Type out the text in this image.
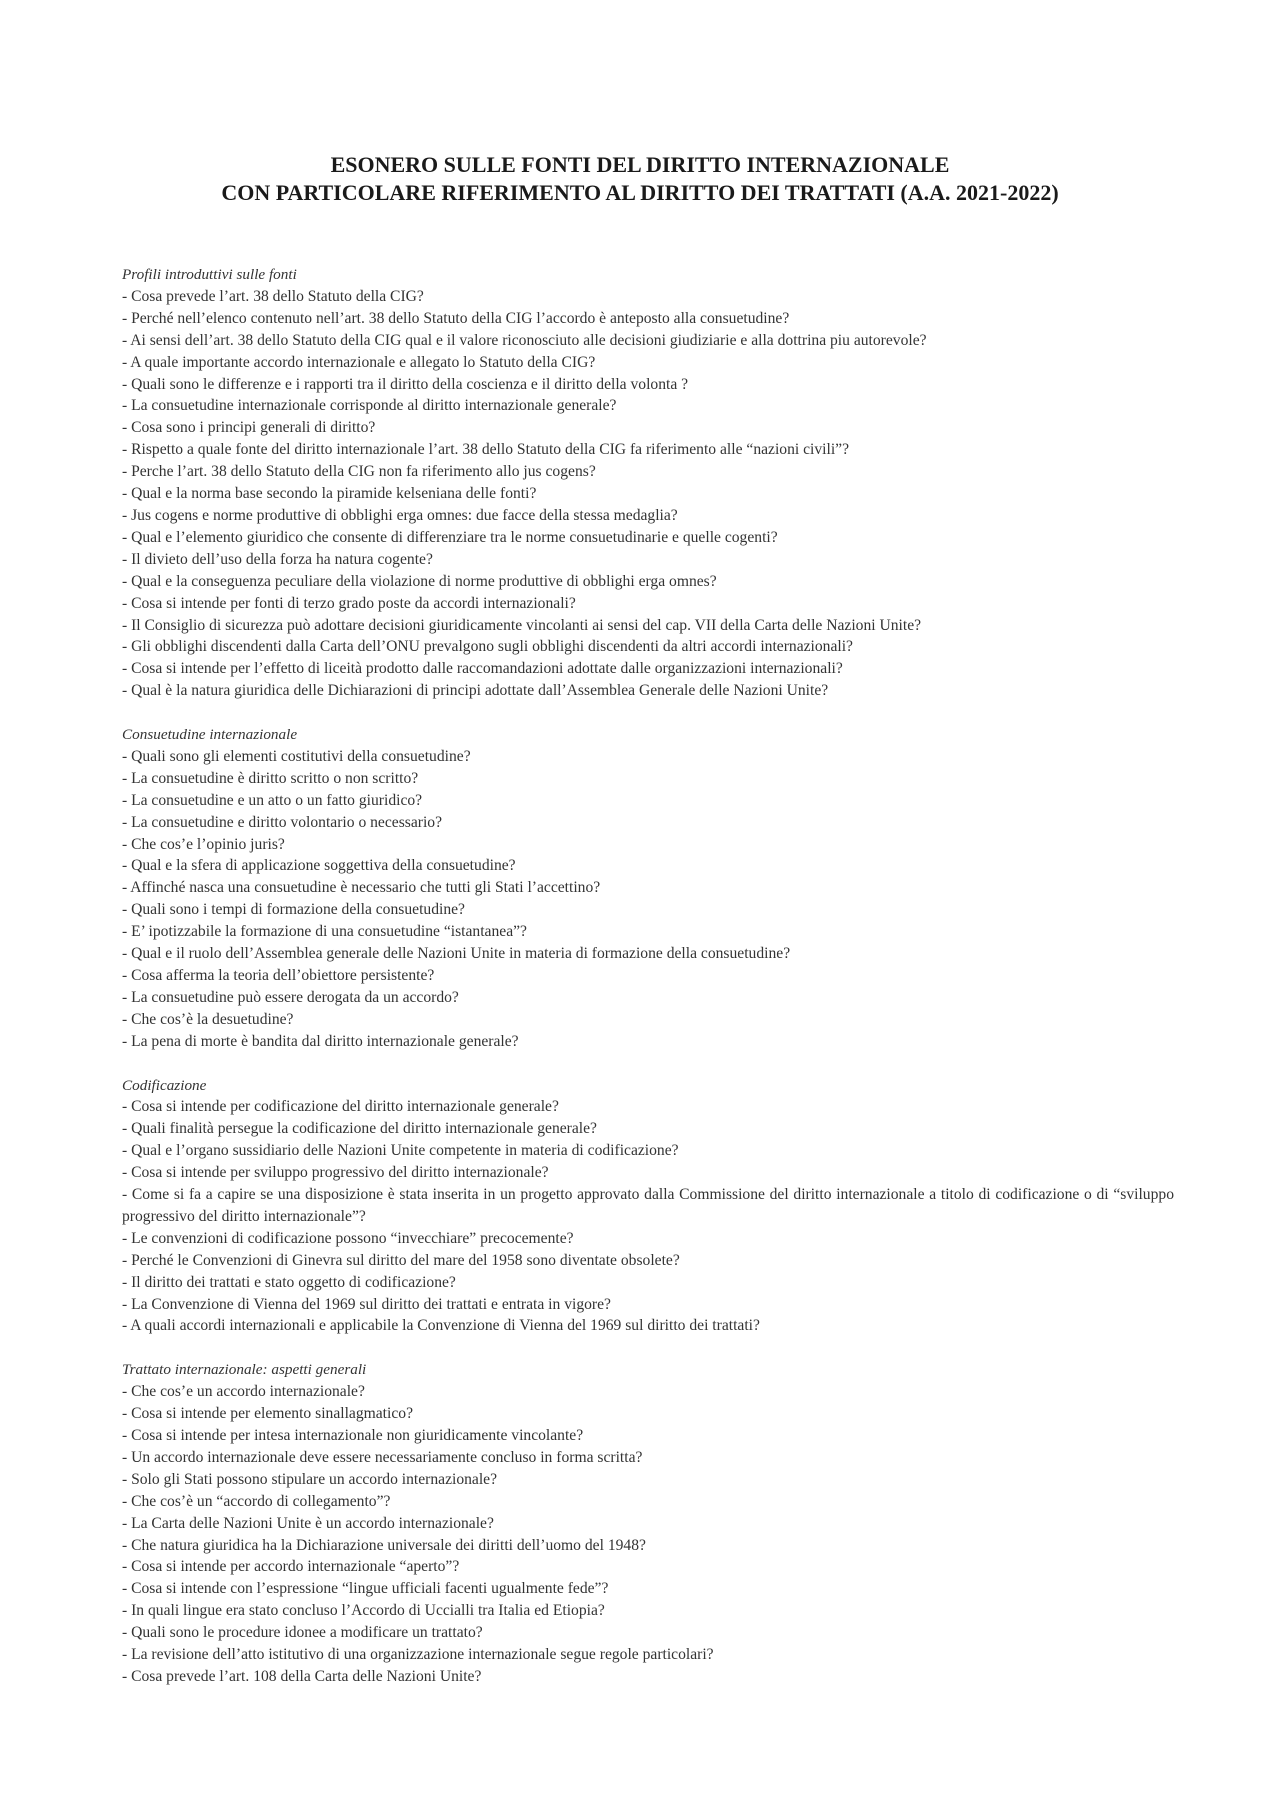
ESONERO SULLE FONTI DEL DIRITTO INTERNAZIONALE
CON PARTICOLARE RIFERIMENTO AL DIRITTO DEI TRATTATI (A.A. 2021-2022)
Profili introduttivi sulle fonti
- Cosa prevede l’art. 38 dello Statuto della CIG?
- Perché nell’elenco contenuto nell’art. 38 dello Statuto della CIG l’accordo è anteposto alla consuetudine?
- Ai sensi dell’art. 38 dello Statuto della CIG qual e il valore riconosciuto alle decisioni giudiziarie e alla dottrina piu autorevole?
- A quale importante accordo internazionale e allegato lo Statuto della CIG?
- Quali sono le differenze e i rapporti tra il diritto della coscienza e il diritto della volonta ?
- La consuetudine internazionale corrisponde al diritto internazionale generale?
- Cosa sono i principi generali di diritto?
- Rispetto a quale fonte del diritto internazionale l’art. 38 dello Statuto della CIG fa riferimento alle “nazioni civili”?
- Perche l’art. 38 dello Statuto della CIG non fa riferimento allo jus cogens?
- Qual e la norma base secondo la piramide kelseniana delle fonti?
- Jus cogens e norme produttive di obblighi erga omnes: due facce della stessa medaglia?
- Qual e l’elemento giuridico che consente di differenziare tra le norme consuetudinarie e quelle cogenti?
- Il divieto dell’uso della forza ha natura cogente?
- Qual e la conseguenza peculiare della violazione di norme produttive di obblighi erga omnes?
- Cosa si intende per fonti di terzo grado poste da accordi internazionali?
- Il Consiglio di sicurezza può adottare decisioni giuridicamente vincolanti ai sensi del cap. VII della Carta delle Nazioni Unite?
- Gli obblighi discendenti dalla Carta dell’ONU prevalgono sugli obblighi discendenti da altri accordi internazionali?
- Cosa si intende per l’effetto di liceità prodotto dalle raccomandazioni adottate dalle organizzazioni internazionali?
- Qual è la natura giuridica delle Dichiarazioni di principi adottate dall’Assemblea Generale delle Nazioni Unite?
Consuetudine internazionale
- Quali sono gli elementi costitutivi della consuetudine?
- La consuetudine è diritto scritto o non scritto?
- La consuetudine e un atto o un fatto giuridico?
- La consuetudine e diritto volontario o necessario?
- Che cos’e l’opinio juris?
- Qual e la sfera di applicazione soggettiva della consuetudine?
- Affinché nasca una consuetudine è necessario che tutti gli Stati l’accettino?
- Quali sono i tempi di formazione della consuetudine?
- E’ ipotizzabile la formazione di una consuetudine “istantanea”?
- Qual e il ruolo dell’Assemblea generale delle Nazioni Unite in materia di formazione della consuetudine?
- Cosa afferma la teoria dell’obiettore persistente?
- La consuetudine può essere derogata da un accordo?
- Che cos’è la desuetudine?
- La pena di morte è bandita dal diritto internazionale generale?
Codificazione
- Cosa si intende per codificazione del diritto internazionale generale?
- Quali finalità persegue la codificazione del diritto internazionale generale?
- Qual e l’organo sussidiario delle Nazioni Unite competente in materia di codificazione?
- Cosa si intende per sviluppo progressivo del diritto internazionale?
- Come si fa a capire se una disposizione è stata inserita in un progetto approvato dalla Commissione del diritto internazionale a titolo di codificazione o di “sviluppo progressivo del diritto internazionale”?
- Le convenzioni di codificazione possono “invecchiare” precocemente?
- Perché le Convenzioni di Ginevra sul diritto del mare del 1958 sono diventate obsolete?
- Il diritto dei trattati e stato oggetto di codificazione?
- La Convenzione di Vienna del 1969 sul diritto dei trattati e entrata in vigore?
- A quali accordi internazionali e applicabile la Convenzione di Vienna del 1969 sul diritto dei trattati?
Trattato internazionale: aspetti generali
- Che cos’e un accordo internazionale?
- Cosa si intende per elemento sinallagmatico?
- Cosa si intende per intesa internazionale non giuridicamente vincolante?
- Un accordo internazionale deve essere necessariamente concluso in forma scritta?
- Solo gli Stati possono stipulare un accordo internazionale?
- Che cos’è un “accordo di collegamento”?
- La Carta delle Nazioni Unite è un accordo internazionale?
- Che natura giuridica ha la Dichiarazione universale dei diritti dell’uomo del 1948?
- Cosa si intende per accordo internazionale “aperto”?
- Cosa si intende con l’espressione “lingue ufficiali facenti ugualmente fede”?
- In quali lingue era stato concluso l’Accordo di Uccialli tra Italia ed Etiopia?
- Quali sono le procedure idonee a modificare un trattato?
- La revisione dell’atto istitutivo di una organizzazione internazionale segue regole particolari?
- Cosa prevede l’art. 108 della Carta delle Nazioni Unite?
